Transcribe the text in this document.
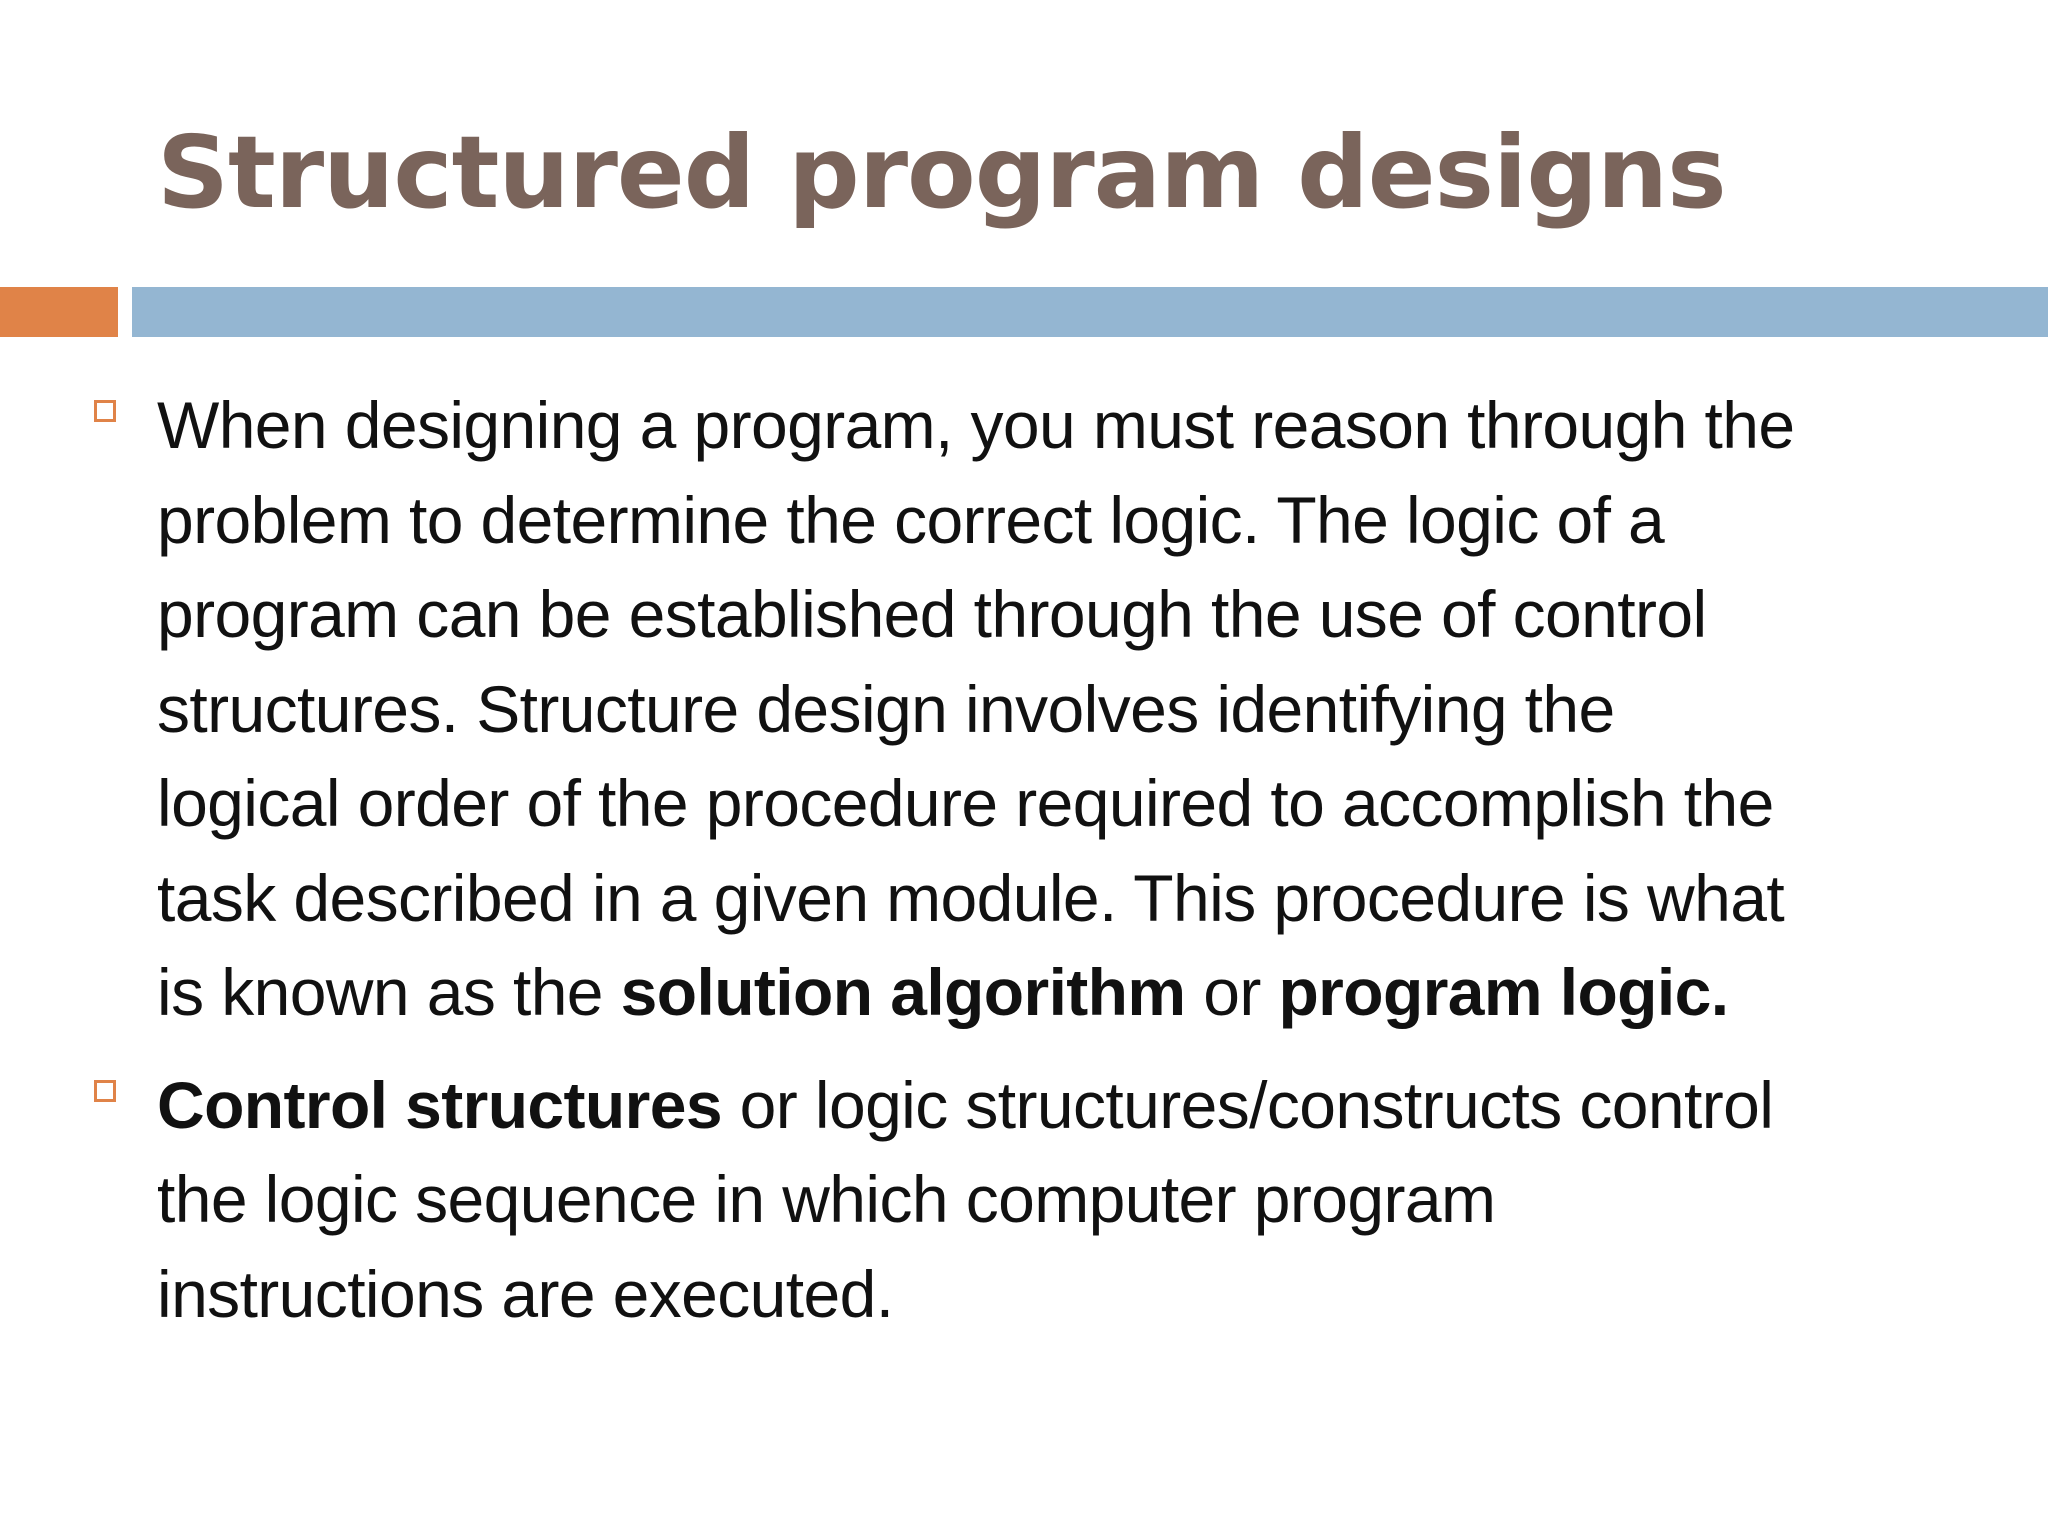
Structured program designs
When designing a program, you must reason through the
problem to determine the correct logic. The logic of a
program can be established through the use of control
structures. Structure design involves identifying the
logical order of the procedure required to accomplish the
task described in a given module. This procedure is what
is known as the solution algorithm or program logic.
Control structures or logic structures/constructs control
the logic sequence in which computer program
instructions are executed.
